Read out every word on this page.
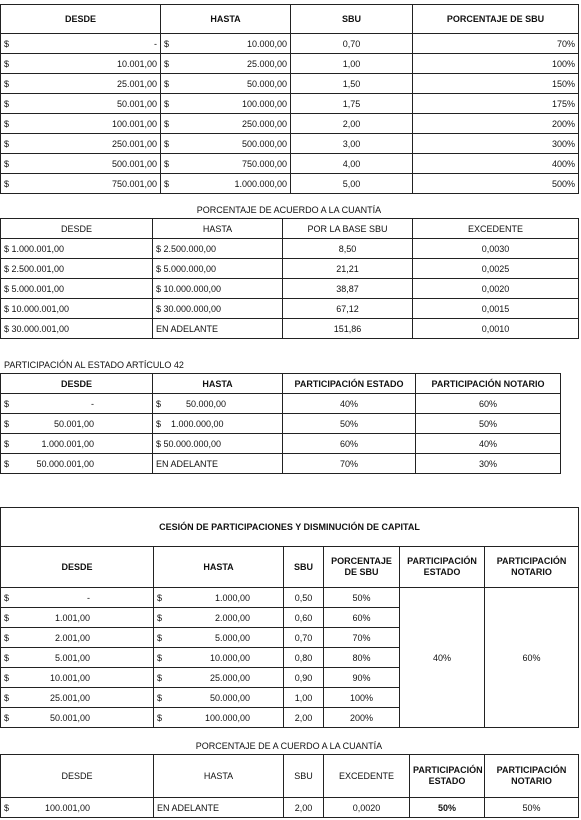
DESDE	HASTA	SBU	PORCENTAJE DE SBU

$ -	$ 10.000,00	0,70	70%

$ 10.001,00	$ 25.000,00	1,00	100%

$ 25.001,00	$ 50.000,00	1,50	150%

$ 50.001,00	$ 100.000,00	1,75	175%

$ 100.001,00	$ 250.000,00	2,00	200%

$ 250.001,00	$ 500.000,00	3,00	300%

$ 500.001,00	$ 750.000,00	4,00	400%

$ 750.001,00	$ 1.000.000,00	5,00	500%
PORCENTAJE DE ACUERDO A LA CUANTÍA
DESDE	HASTA	POR LA BASE SBU	EXCEDENTE
$ 1.000.001,00	$ 2.500.000,00	8,50	0,0030
$ 2.500.001,00	$ 5.000.000,00	21,21	0,0025
$ 5.000.001,00	$ 10.000.000,00	38,87	0,0020
$ 10.000.001,00	$ 30.000.000,00	67,12	0,0015
$ 30.000.001,00	EN ADELANTE	151,86	0,0010
PARTICIPACIÓN AL ESTADO ARTÍCULO 42
DESDE	HASTA	PARTICIPACIÓN ESTADO	PARTICIPACIÓN NOTARIO

$ -	$          50.000,00	40%	60%

$ 50.001,00	$    1.000.000,00	50%	50%

$ 1.000.001,00	$ 50.000.000,00	60%	40%

$ 50.000.001,00	EN ADELANTE	70%	30%
CESIÓN DE PARTICIPACIONES Y DISMINUCIÓN DE CAPITAL					
DESDE	HASTA	SBU	PORCENTAJE DE SBU	PARTICIPACIÓN ESTADO	PARTICIPACIÓN NOTARIO

$ -	$ 1.000,00	0,50	50%	40%	60%

$ 1.001,00	$ 2.000,00	0,60	60%		

$ 2.001,00	$ 5.000,00	0,70	70%		

$ 5.001,00	$ 10.000,00	0,80	80%		

$ 10.001,00	$ 25.000,00	0,90	90%		

$ 25.001,00	$ 50.000,00	1,00	100%		

$ 50.001,00	$ 100.000,00	2,00	200%		
PORCENTAJE DE A CUERDO A LA CUANTÍA
DESDE	HASTA	SBU	EXCEDENTE	PARTICIPACIÓN ESTADO	PARTICIPACIÓN NOTARIO

$ 100.001,00	EN ADELANTE	2,00	0,0020	50%	50%
